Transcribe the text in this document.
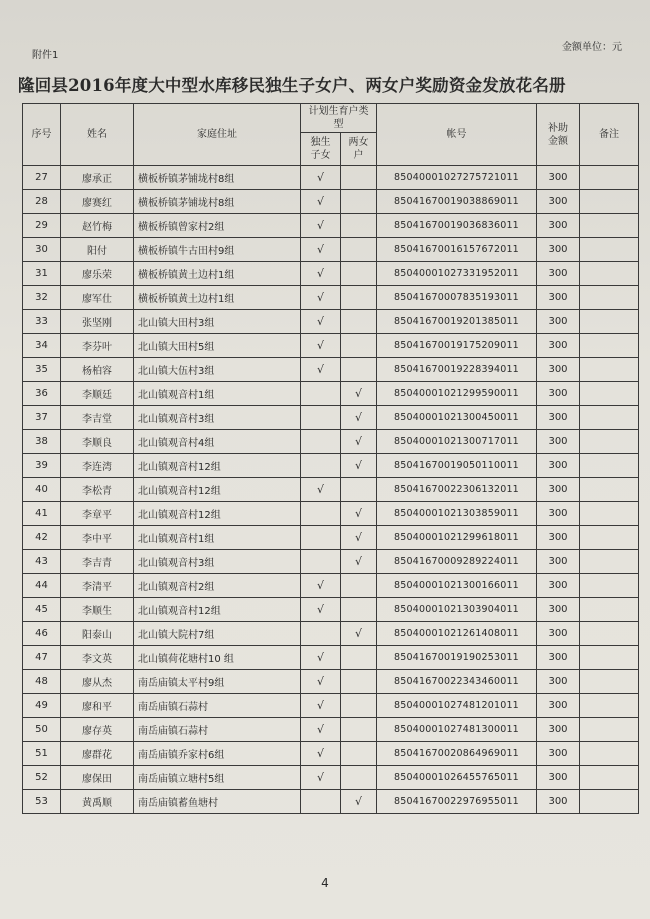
金额单位：元
附件1
隆回县2016年度大中型水库移民独生子女户、两女户奖励资金发放花名册
序号	姓名	家庭住址	计划生育户类型		帐号	补助金额	备注
			独生子女	两女户			
27	廖承正	横板桥镇茅铺垅村8组	√		850400010272757210​11	300	
28	廖赛红	横板桥镇茅铺垅村8组	√		85041670019038869011	300	
29	赵竹梅	横板桥镇曾家村2组	√		85041670019036836011	300	
30	阳付	横板桥镇牛古田村9组	√		85041670016157672011	300	
31	廖乐荣	横板桥镇黄土边村1组	√		85040001027331952011	300	
32	廖军仕	横板桥镇黄土边村1组	√		85041670007835193011	300	
33	张坚刚	北山镇大田村3组	√		85041670019201385011	300	
34	李芬叶	北山镇大田村5组	√		85041670019175209011	300	
35	杨柏容	北山镇大伍村3组	√		85041670019228394011	300	
36	李顺廷	北山镇观音村1组		√	85040001021299590011	300	
37	李吉堂	北山镇观音村3组		√	85040001021300450011	300	
38	李顺良	北山镇观音村4组		√	85040001021300717011	300	
39	李连湾	北山镇观音村12组		√	85041670019050110011	300	
40	李松青	北山镇观音村12组	√		85041670022306132011	300	
41	李章平	北山镇观音村12组		√	85040001021303859011	300	
42	李中平	北山镇观音村1组		√	85040001021299618011	300	
43	李吉青	北山镇观音村3组		√	85041670009289224011	300	
44	李清平	北山镇观音村2组	√		85040001021300166011	300	
45	李顺生	北山镇观音村12组	√		85040001021303904011	300	
46	阳泰山	北山镇大院村7组		√	85040001021261408011	300	
47	李文英	北山镇荷花塘村10 组	√		85041670019190253011	300	
48	廖从杰	南岳庙镇太平村9组	√		85041670022343460011	300	
49	廖和平	南岳庙镇石蒜村	√		85040001027481201011	300	
50	廖存英	南岳庙镇石蒜村	√		85040001027481300011	300	
51	廖群花	南岳庙镇乔家村6组	√		85041670020864969011	300	
52	廖保田	南岳庙镇立塘村5组	√		85040001026455765011	300	
53	黄禹顺	南岳庙镇蓄鱼塘村		√	85041670022976955011	300	
4
